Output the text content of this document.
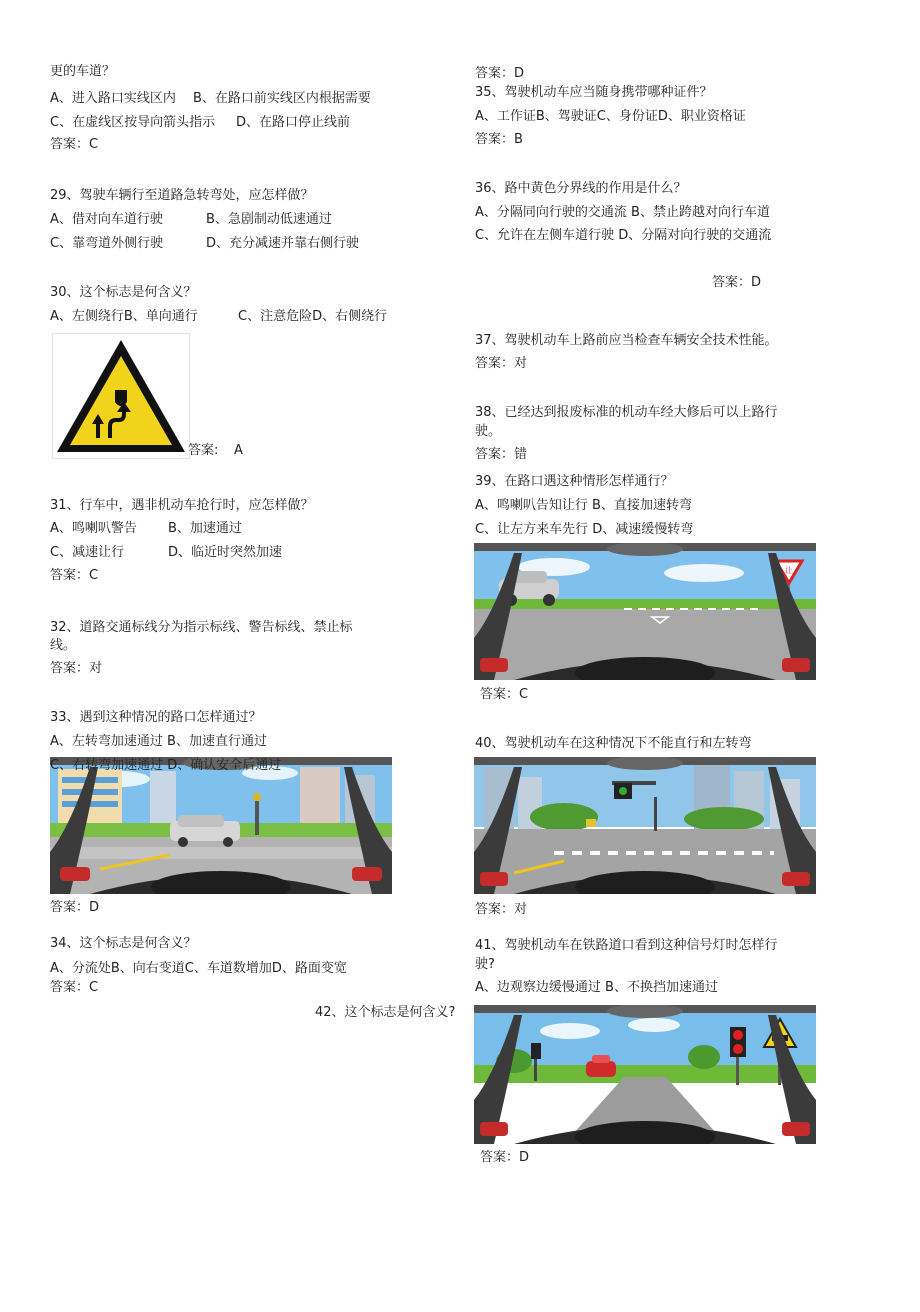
更的车道？
A、进入路口实线区内 B、在路口前实线区内根据需要
C、在虚线区按导向箭头指示 D、在路口停止线前
答案：C
29、驾驶车辆行至道路急转弯处，应怎样做？
A、借对向车道行驶	B、急剧制动低速通过
C、靠弯道外侧行驶	D、充分减速并靠右侧行驶
30、这个标志是何含义？
A、左侧绕行B、单向通行	C、注意危险D、右侧绕行
答案: A
31、行车中，遇非机动车抢行时，应怎样做？
A、鸣喇叭警告 B、加速通过
C、减速让行	D、临近时突然加速
答案：C
32、道路交通标线分为指示标线、警告标线、禁止标
线。
答案：对
33、遇到这种情况的路口怎样通过？
A、左转弯加速通过 B、加速直行通过
C、右转弯加速通过 D、确认安全后通过
答案：D
34、这个标志是何含义？
A、分流处B、向右变道C、车道数增加D、路面变宽
答案：C
42、这个标志是何含义?
答案：D
35、驾驶机动车应当随身携带哪种证件？
A、工作证B、驾驶证C、身份证D、职业资格证
答案：B
36、路中黄色分界线的作用是什么？
A、分隔同向行驶的交通流 B、禁止跨越对向行车道
C、允许在左侧车道行驶 D、分隔对向行驶的交通流
答案：D
37、驾驶机动车上路前应当检查车辆安全技术性能。
答案：对
38、已经达到报废标准的机动车经大修后可以上路行
驶。
答案：错
39、在路口遇这种情形怎样通行？
A、鸣喇叭告知让行 B、直接加速转弯
C、让左方来车先行 D、减速缓慢转弯
让
答案：C
40、驾驶机动车在这种情况下不能直行和左转弯
答案：对
41、驾驶机动车在铁路道口看到这种信号灯时怎样行
驶?
A、边观察边缓慢通过 B、不换挡加速通过
答案：D
